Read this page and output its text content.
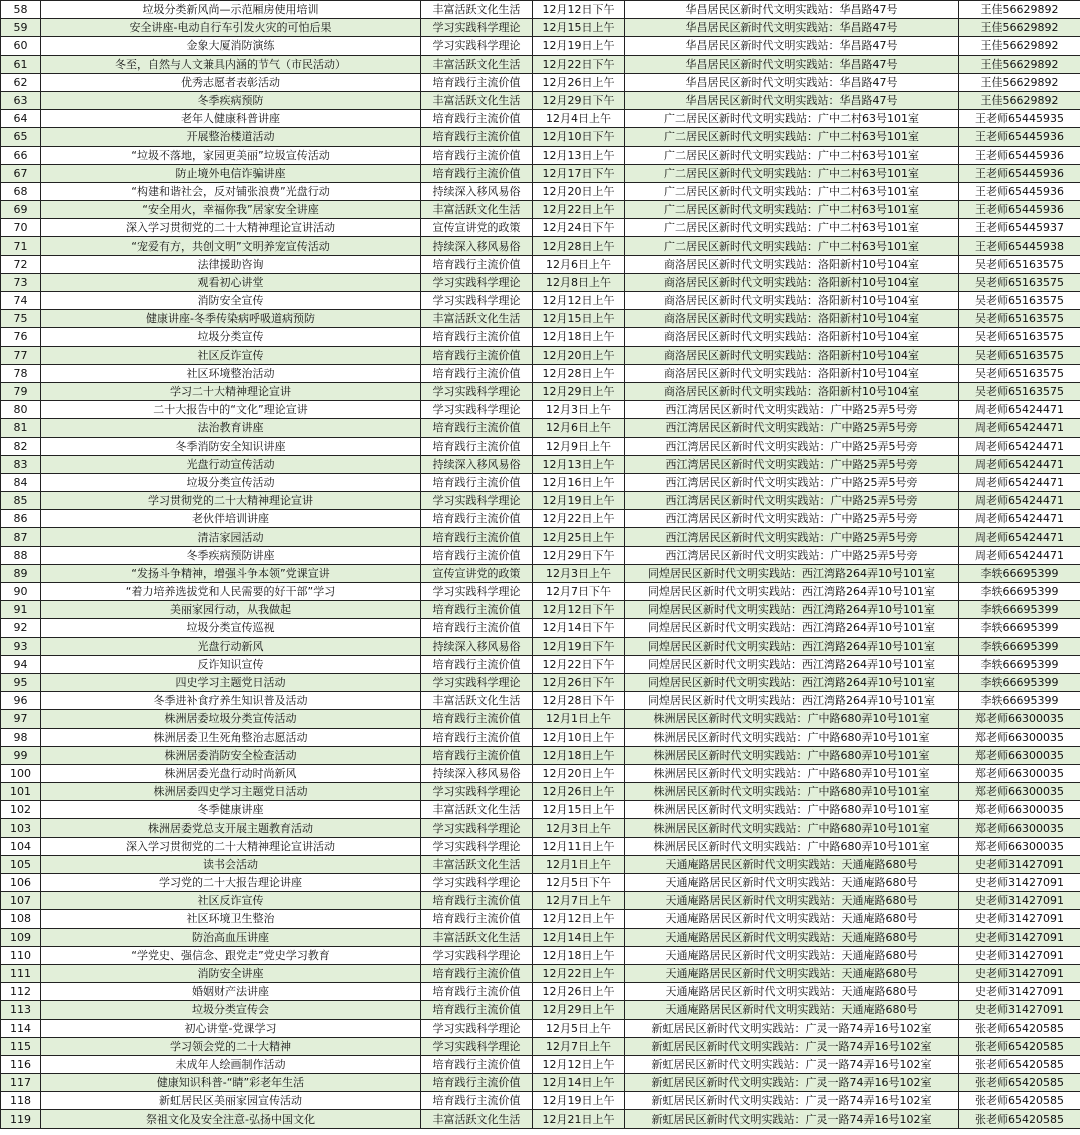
58	垃圾分类新风尚—示范厢房使用培训	丰富活跃文化生活	12月12日下午	华昌居民区新时代文明实践站：华昌路47号	王佳56629892
59	安全讲座-电动自行车引发火灾的可怕后果	学习实践科学理论	12月15日上午	华昌居民区新时代文明实践站：华昌路47号	王佳56629892
60	金象大厦消防演练	学习实践科学理论	12月19日上午	华昌居民区新时代文明实践站：华昌路47号	王佳56629892
61	冬至，自然与人文兼具内涵的节气（市民活动）	丰富活跃文化生活	12月22日下午	华昌居民区新时代文明实践站：华昌路47号	王佳56629892
62	优秀志愿者表彰活动	培育践行主流价值	12月26日上午	华昌居民区新时代文明实践站：华昌路47号	王佳56629892
63	冬季疾病预防	丰富活跃文化生活	12月29日下午	华昌居民区新时代文明实践站：华昌路47号	王佳56629892
64	老年人健康科普讲座	培育践行主流价值	12月4日上午	广二居民区新时代文明实践站：广中二村63号101室	王老师65445935
65	开展整治楼道活动	培育践行主流价值	12月10日下午	广二居民区新时代文明实践站：广中二村63号101室	王老师65445936
66	“垃圾不落地，家园更美丽”垃圾宣传活动	培育践行主流价值	12月13日上午	广二居民区新时代文明实践站：广中二村63号101室	王老师65445936
67	防止境外电信诈骗讲座	培育践行主流价值	12月17日下午	广二居民区新时代文明实践站：广中二村63号101室	王老师65445936
68	“构建和谐社会，反对铺张浪费”光盘行动	持续深入移风易俗	12月20日上午	广二居民区新时代文明实践站：广中二村63号101室	王老师65445936
69	“安全用火，幸福你我”居家安全讲座	丰富活跃文化生活	12月22日上午	广二居民区新时代文明实践站：广中二村63号101室	王老师65445936
70	深入学习贯彻党的二十大精神理论宣讲活动	宣传宣讲党的政策	12月24日下午	广二居民区新时代文明实践站：广中二村63号101室	王老师65445937
71	“宠爱有方，共创文明”文明养宠宣传活动	持续深入移风易俗	12月28日上午	广二居民区新时代文明实践站：广中二村63号101室	王老师65445938
72	法律援助咨询	培育践行主流价值	12月6日上午	商洛居民区新时代文明实践站：洛阳新村10号104室	吴老师65163575
73	观看初心讲堂	学习实践科学理论	12月8日上午	商洛居民区新时代文明实践站：洛阳新村10号104室	吴老师65163575
74	消防安全宣传	学习实践科学理论	12月12日上午	商洛居民区新时代文明实践站：洛阳新村10号104室	吴老师65163575
75	健康讲座-冬季传染病呼吸道病预防	丰富活跃文化生活	12月15日上午	商洛居民区新时代文明实践站：洛阳新村10号104室	吴老师65163575
76	垃圾分类宣传	培育践行主流价值	12月18日上午	商洛居民区新时代文明实践站：洛阳新村10号104室	吴老师65163575
77	社区反诈宣传	培育践行主流价值	12月20日上午	商洛居民区新时代文明实践站：洛阳新村10号104室	吴老师65163575
78	社区环境整治活动	培育践行主流价值	12月28日上午	商洛居民区新时代文明实践站：洛阳新村10号104室	吴老师65163575
79	学习二十大精神理论宣讲	学习实践科学理论	12月29日上午	商洛居民区新时代文明实践站：洛阳新村10号104室	吴老师65163575
80	二十大报告中的“文化”理论宣讲	学习实践科学理论	12月3日上午	西江湾居民区新时代文明实践站：广中路25弄5号旁	周老师65424471
81	法治教育讲座	培育践行主流价值	12月6日上午	西江湾居民区新时代文明实践站：广中路25弄5号旁	周老师65424471
82	冬季消防安全知识讲座	培育践行主流价值	12月9日上午	西江湾居民区新时代文明实践站：广中路25弄5号旁	周老师65424471
83	光盘行动宣传活动	持续深入移风易俗	12月13日上午	西江湾居民区新时代文明实践站：广中路25弄5号旁	周老师65424471
84	垃圾分类宣传活动	培育践行主流价值	12月16日上午	西江湾居民区新时代文明实践站：广中路25弄5号旁	周老师65424471
85	学习贯彻党的二十大精神理论宣讲	学习实践科学理论	12月19日上午	西江湾居民区新时代文明实践站：广中路25弄5号旁	周老师65424471
86	老伙伴培训讲座	培育践行主流价值	12月22日上午	西江湾居民区新时代文明实践站：广中路25弄5号旁	周老师65424471
87	清洁家园活动	培育践行主流价值	12月25日上午	西江湾居民区新时代文明实践站：广中路25弄5号旁	周老师65424471
88	冬季疾病预防讲座	培育践行主流价值	12月29日下午	西江湾居民区新时代文明实践站：广中路25弄5号旁	周老师65424471
89	“发扬斗争精神，增强斗争本领”党课宣讲	宣传宣讲党的政策	12月3日上午	同煌居民区新时代文明实践站：西江湾路264弄10号101室	李轶66695399
90	“着力培养选拔党和人民需要的好干部”学习	学习实践科学理论	12月7日下午	同煌居民区新时代文明实践站：西江湾路264弄10号101室	李轶66695399
91	美丽家园行动，从我做起	培育践行主流价值	12月12日下午	同煌居民区新时代文明实践站：西江湾路264弄10号101室	李轶66695399
92	垃圾分类宣传巡视	培育践行主流价值	12月14日下午	同煌居民区新时代文明实践站：西江湾路264弄10号101室	李轶66695399
93	光盘行动新风	持续深入移风易俗	12月19日下午	同煌居民区新时代文明实践站：西江湾路264弄10号101室	李轶66695399
94	反诈知识宣传	培育践行主流价值	12月22日下午	同煌居民区新时代文明实践站：西江湾路264弄10号101室	李轶66695399
95	四史学习主题党日活动	学习实践科学理论	12月26日下午	同煌居民区新时代文明实践站：西江湾路264弄10号101室	李轶66695399
96	冬季进补食疗养生知识普及活动	丰富活跃文化生活	12月28日下午	同煌居民区新时代文明实践站：西江湾路264弄10号101室	李轶66695399
97	株洲居委垃圾分类宣传活动	培育践行主流价值	12月1日上午	株洲居民区新时代文明实践站：广中路680弄10号101室	郑老师66300035
98	株洲居委卫生死角整治志愿活动	培育践行主流价值	12月10日上午	株洲居民区新时代文明实践站：广中路680弄10号101室	郑老师66300035
99	株洲居委消防安全检查活动	培育践行主流价值	12月18日上午	株洲居民区新时代文明实践站：广中路680弄10号101室	郑老师66300035
100	株洲居委光盘行动时尚新风	持续深入移风易俗	12月20日上午	株洲居民区新时代文明实践站：广中路680弄10号101室	郑老师66300035
101	株洲居委四史学习主题党日活动	学习实践科学理论	12月26日上午	株洲居民区新时代文明实践站：广中路680弄10号101室	郑老师66300035
102	冬季健康讲座	丰富活跃文化生活	12月15日上午	株洲居民区新时代文明实践站：广中路680弄10号101室	郑老师66300035
103	株洲居委党总支开展主题教育活动	学习实践科学理论	12月3日上午	株洲居民区新时代文明实践站：广中路680弄10号101室	郑老师66300035
104	深入学习贯彻党的二十大精神理论宣讲活动	学习实践科学理论	12月11日上午	株洲居民区新时代文明实践站：广中路680弄10号101室	郑老师66300035
105	读书会活动	丰富活跃文化生活	12月1日上午	天通庵路居民区新时代文明实践站：天通庵路680号	史老师31427091
106	学习党的二十大报告理论讲座	学习实践科学理论	12月5日下午	天通庵路居民区新时代文明实践站：天通庵路680号	史老师31427091
107	社区反诈宣传	培育践行主流价值	12月7日上午	天通庵路居民区新时代文明实践站：天通庵路680号	史老师31427091
108	社区环境卫生整治	培育践行主流价值	12月12日上午	天通庵路居民区新时代文明实践站：天通庵路680号	史老师31427091
109	防治高血压讲座	丰富活跃文化生活	12月14日上午	天通庵路居民区新时代文明实践站：天通庵路680号	史老师31427091
110	“学党史、强信念、跟党走”党史学习教育	学习实践科学理论	12月18日上午	天通庵路居民区新时代文明实践站：天通庵路680号	史老师31427091
111	消防安全讲座	培育践行主流价值	12月22日上午	天通庵路居民区新时代文明实践站：天通庵路680号	史老师31427091
112	婚姻财产法讲座	培育践行主流价值	12月26日上午	天通庵路居民区新时代文明实践站：天通庵路680号	史老师31427091
113	垃圾分类宣传会	培育践行主流价值	12月29日上午	天通庵路居民区新时代文明实践站：天通庵路680号	史老师31427091
114	初心讲堂-党课学习	学习实践科学理论	12月5日上午	新虹居民区新时代文明实践站：广灵一路74弄16号102室	张老师65420585
115	学习领会党的二十大精神	学习实践科学理论	12月7日上午	新虹居民区新时代文明实践站：广灵一路74弄16号102室	张老师65420585
116	未成年人绘画制作活动	培育践行主流价值	12月12日上午	新虹居民区新时代文明实践站：广灵一路74弄16号102室	张老师65420585
117	健康知识科普-“睛”彩老年生活	培育践行主流价值	12月14日上午	新虹居民区新时代文明实践站：广灵一路74弄16号102室	张老师65420585
118	新虹居民区美丽家园宣传活动	培育践行主流价值	12月19日上午	新虹居民区新时代文明实践站：广灵一路74弄16号102室	张老师65420585
119	祭祖文化及安全注意-弘扬中国文化	丰富活跃文化生活	12月21日上午	新虹居民区新时代文明实践站：广灵一路74弄16号102室	张老师65420585
